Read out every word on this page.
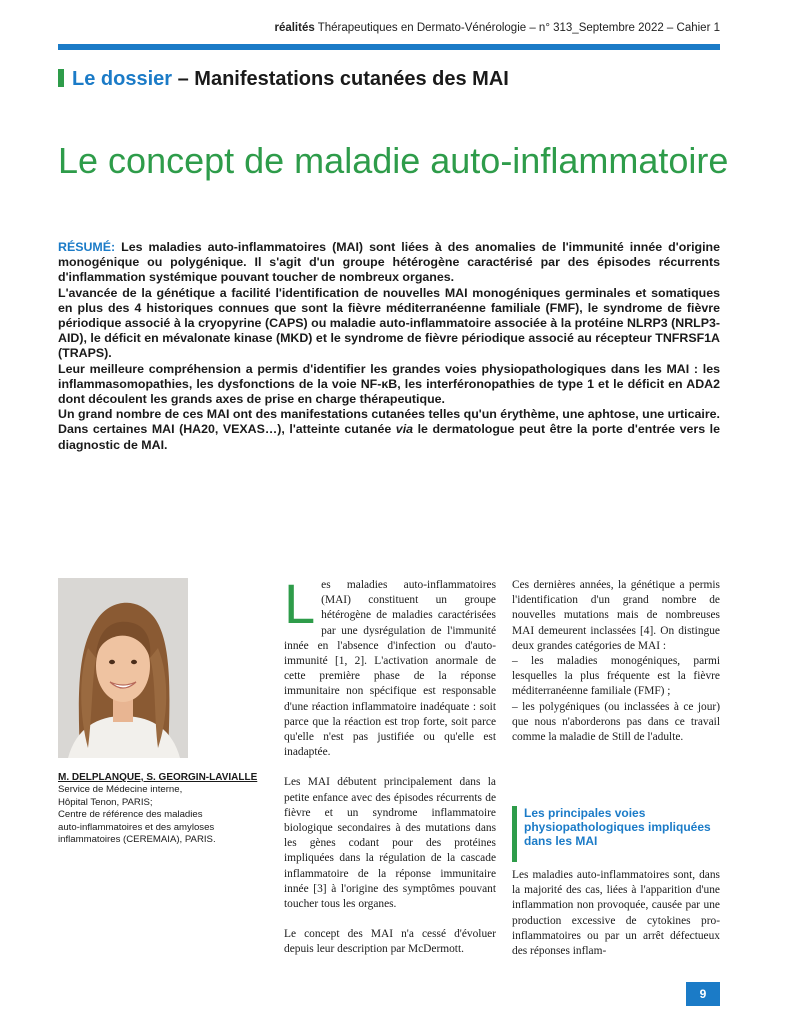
réalités Thérapeutiques en Dermato-Vénérologie – n° 313_Septembre 2022 – Cahier 1
Le dossier – Manifestations cutanées des MAI
Le concept de maladie auto-inflammatoire

RÉSUMÉ: Les maladies auto-inflammatoires (MAI) sont liées à des anomalies de l'immunité innée d'origine monogénique ou polygénique. Il s'agit d'un groupe hétérogène caractérisé par des épisodes récurrents d'inflammation systémique pouvant toucher de nombreux organes.

L'avancée de la génétique a facilité l'identification de nouvelles MAI monogéniques germinales et somatiques en plus des 4 historiques connues que sont la fièvre méditerranéenne familiale (FMF), le syndrome de fièvre périodique associé à la cryopyrine (CAPS) ou maladie auto-inflammatoire associée à la protéine NLRP3 (NRLP3-AID), le déficit en mévalonate kinase (MKD) et le syndrome de fièvre périodique associé au récepteur TNFRSF1A (TRAPS).

Leur meilleure compréhension a permis d'identifier les grandes voies physiopathologiques dans les MAI : les inflammasomopathies, les dysfonctions de la voie NF-κB, les interféronopathies de type 1 et le déficit en ADA2 dont découlent les grands axes de prise en charge thérapeutique.

Un grand nombre de ces MAI ont des manifestations cutanées telles qu'un érythème, une aphtose, une urticaire. Dans certaines MAI (HA20, VEXAS…), l'atteinte cutanée via le dermatologue peut être la porte d'entrée vers le diagnostic de MAI.

M. DELPLANQUE, S. GEORGIN-LAVIALLE
Service de Médecine interne,
Hôpital Tenon, PARIS;
Centre de référence des maladies
auto-inflammatoires et des amyloses
inflammatoires (CEREMAIA), PARIS.

Les maladies auto-inflammatoires (MAI) constituent un groupe hétérogène de maladies caractérisées par une dysrégulation de l'immunité innée en l'absence d'infection ou d'auto-immunité [1, 2]. L'activation anormale de cette première phase de la réponse immunitaire non spécifique est responsable d'une réaction inflammatoire inadéquate : soit parce que la réaction est trop forte, soit parce qu'elle n'est pas justifiée ou qu'elle est inadaptée.

Les MAI débutent principalement dans la petite enfance avec des épisodes récurrents de fièvre et un syndrome inflammatoire biologique secondaires à des mutations dans les gènes codant pour des protéines impliquées dans la régulation de la cascade inflammatoire de la réponse immunitaire innée [3] à l'origine des symptômes pouvant toucher tous les organes.

Le concept des MAI n'a cessé d'évoluer depuis leur description par McDermott.

Ces dernières années, la génétique a permis l'identification d'un grand nombre de nouvelles mutations mais de nombreuses MAI demeurent inclassées [4]. On distingue deux grandes catégories de MAI :

– les maladies monogéniques, parmi lesquelles la plus fréquente est la fièvre méditerranéenne familiale (FMF) ;

– les polygéniques (ou inclassées à ce jour) que nous n'aborderons pas dans ce travail comme la maladie de Still de l'adulte.

Les principales voies physiopathologiques impliquées dans les MAI

Les maladies auto-inflammatoires sont, dans la majorité des cas, liées à l'apparition d'une inflammation non provoquée, causée par une production excessive de cytokines pro-inflammatoires ou par un arrêt défectueux des réponses inflam-

9
